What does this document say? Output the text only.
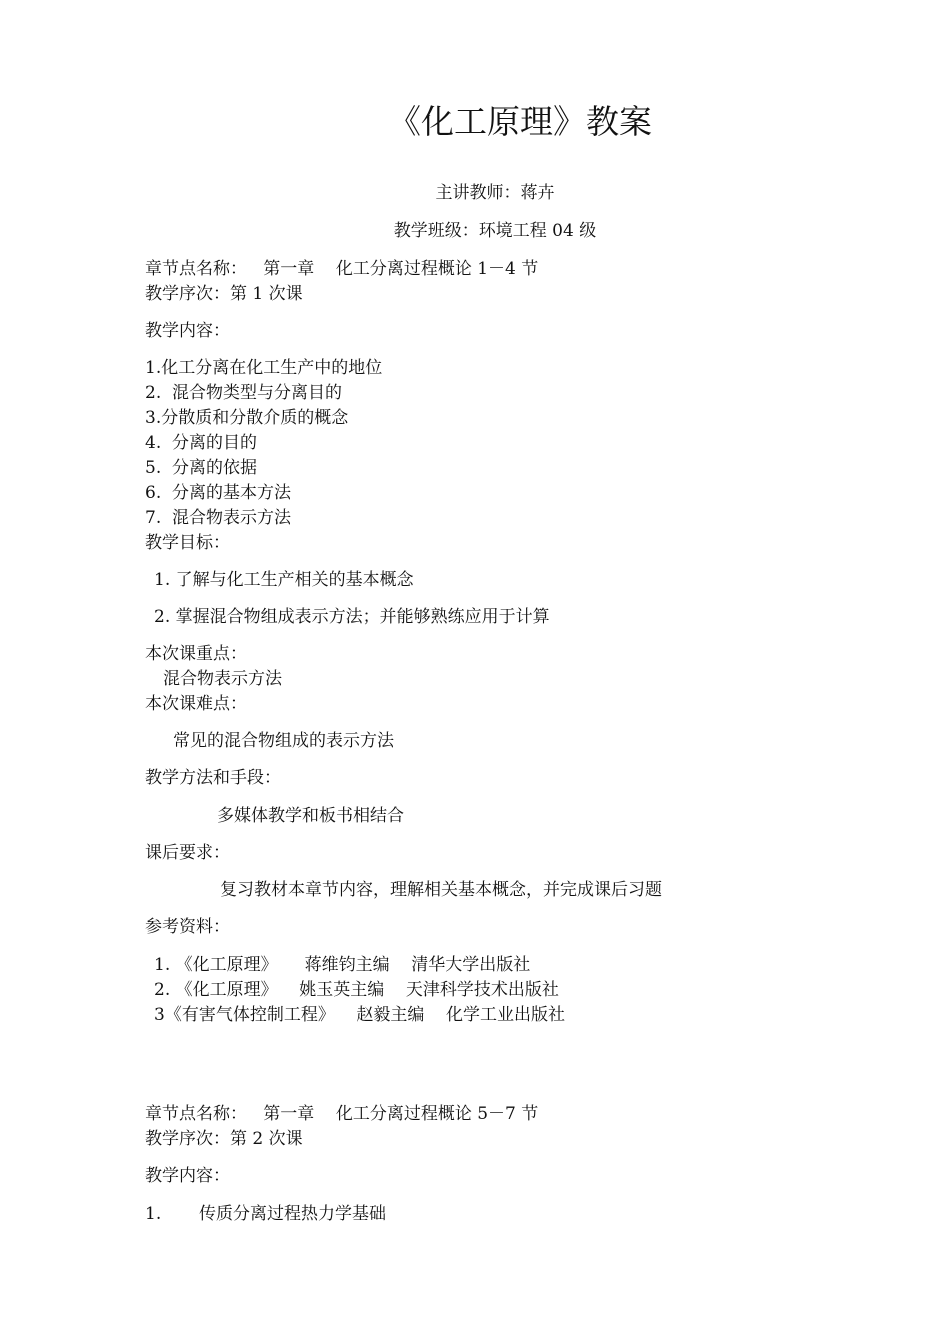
《化工原理》教案
主讲教师：蒋卉
教学班级：环境工程 04 级
章节点名称：   第一章    化工分离过程概论 1－4 节
教学序次：第 1 次课
教学内容：
1.化工分离在化工生产中的地位
2.  混合物类型与分离目的
3.分散质和分散介质的概念
4.  分离的目的
5.  分离的依据
6.  分离的基本方法
7.  混合物表示方法
教学目标：
1. 了解与化工生产相关的基本概念
2. 掌握混合物组成表示方法；并能够熟练应用于计算
本次课重点：
混合物表示方法
本次课难点：
常见的混合物组成的表示方法
教学方法和手段：
多媒体教学和板书相结合
课后要求：
复习教材本章节内容，理解相关基本概念，并完成课后习题
参考资料：
1. 《化工原理》     蒋维钧主编    清华大学出版社
2. 《化工原理》    姚玉英主编    天津科学技术出版社
3《有害气体控制工程》    赵毅主编    化学工业出版社
章节点名称：   第一章    化工分离过程概论 5－7 节
教学序次：第 2 次课
教学内容：
1.       传质分离过程热力学基础
